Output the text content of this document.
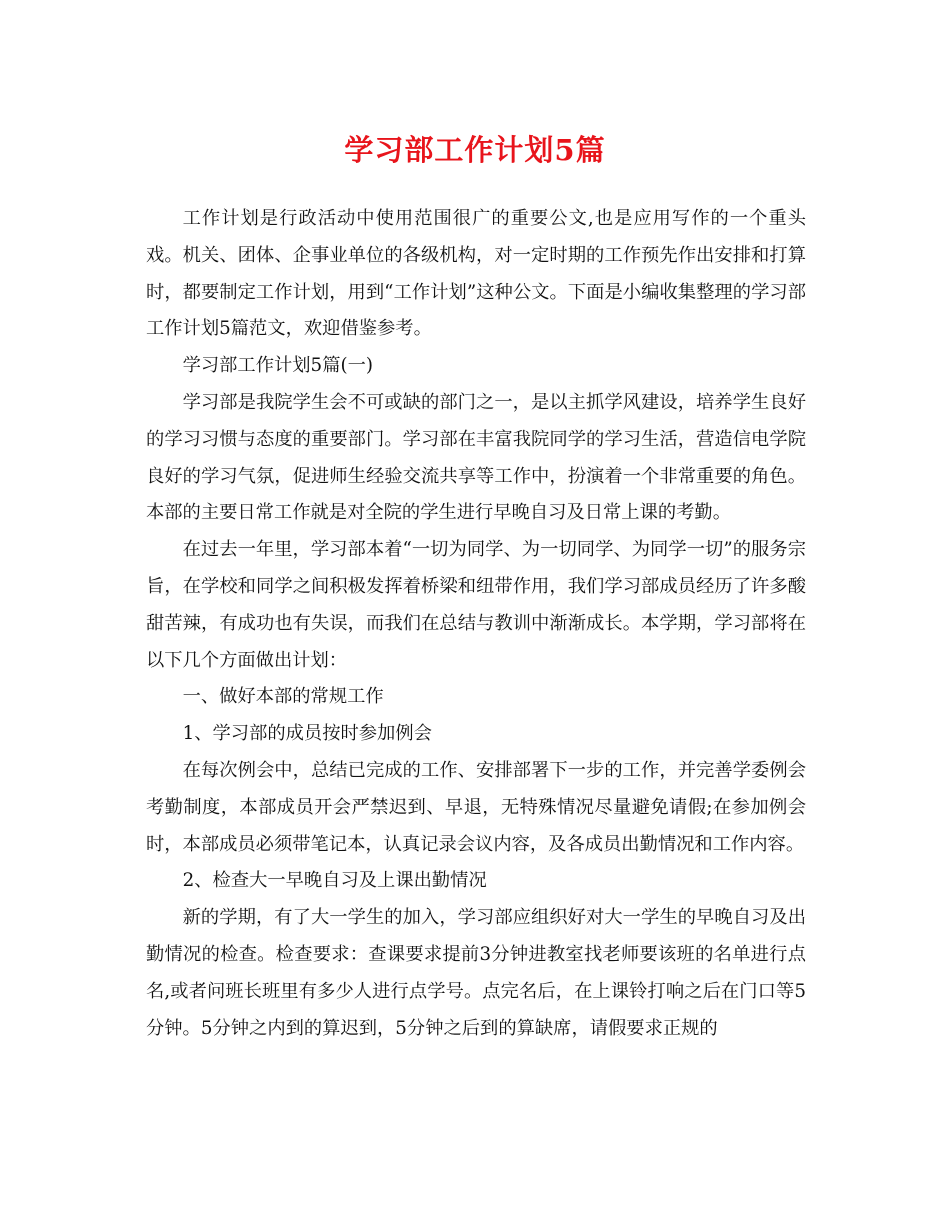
学习部工作计划5篇

工作计划是行政活动中使用范围很广的重要公文,也是应用写作的一个重头戏。机关、团体、企事业单位的各级机构，对一定时期的工作预先作出安排和打算时，都要制定工作计划，用到“工作计划”这种公文。下面是小编收集整理的学习部工作计划5篇范文，欢迎借鉴参考。

学习部工作计划5篇(一)

学习部是我院学生会不可或缺的部门之一，是以主抓学风建设，培养学生良好的学习习惯与态度的重要部门。学习部在丰富我院同学的学习生活，营造信电学院良好的学习气氛，促进师生经验交流共享等工作中，扮演着一个非常重要的角色。本部的主要日常工作就是对全院的学生进行早晚自习及日常上课的考勤。

在过去一年里，学习部本着“一切为同学、为一切同学、为同学一切”的服务宗旨，在学校和同学之间积极发挥着桥梁和纽带作用，我们学习部成员经历了许多酸甜苦辣，有成功也有失误，而我们在总结与教训中渐渐成长。本学期，学习部将在以下几个方面做出计划：

一、做好本部的常规工作

1、学习部的成员按时参加例会

在每次例会中，总结已完成的工作、安排部署下一步的工作，并完善学委例会考勤制度，本部成员开会严禁迟到、早退，无特殊情况尽量避免请假;在参加例会时，本部成员必须带笔记本，认真记录会议内容，及各成员出勤情况和工作内容。

2、检查大一早晚自习及上课出勤情况

新的学期，有了大一学生的加入，学习部应组织好对大一学生的早晚自习及出勤情况的检查。检查要求：查课要求提前3分钟进教室找老师要该班的名单进行点名,或者问班长班里有多少人进行点学号。点完名后，在上课铃打响之后在门口等5分钟。5分钟之内到的算迟到，5分钟之后到的算缺席，请假要求正规的
